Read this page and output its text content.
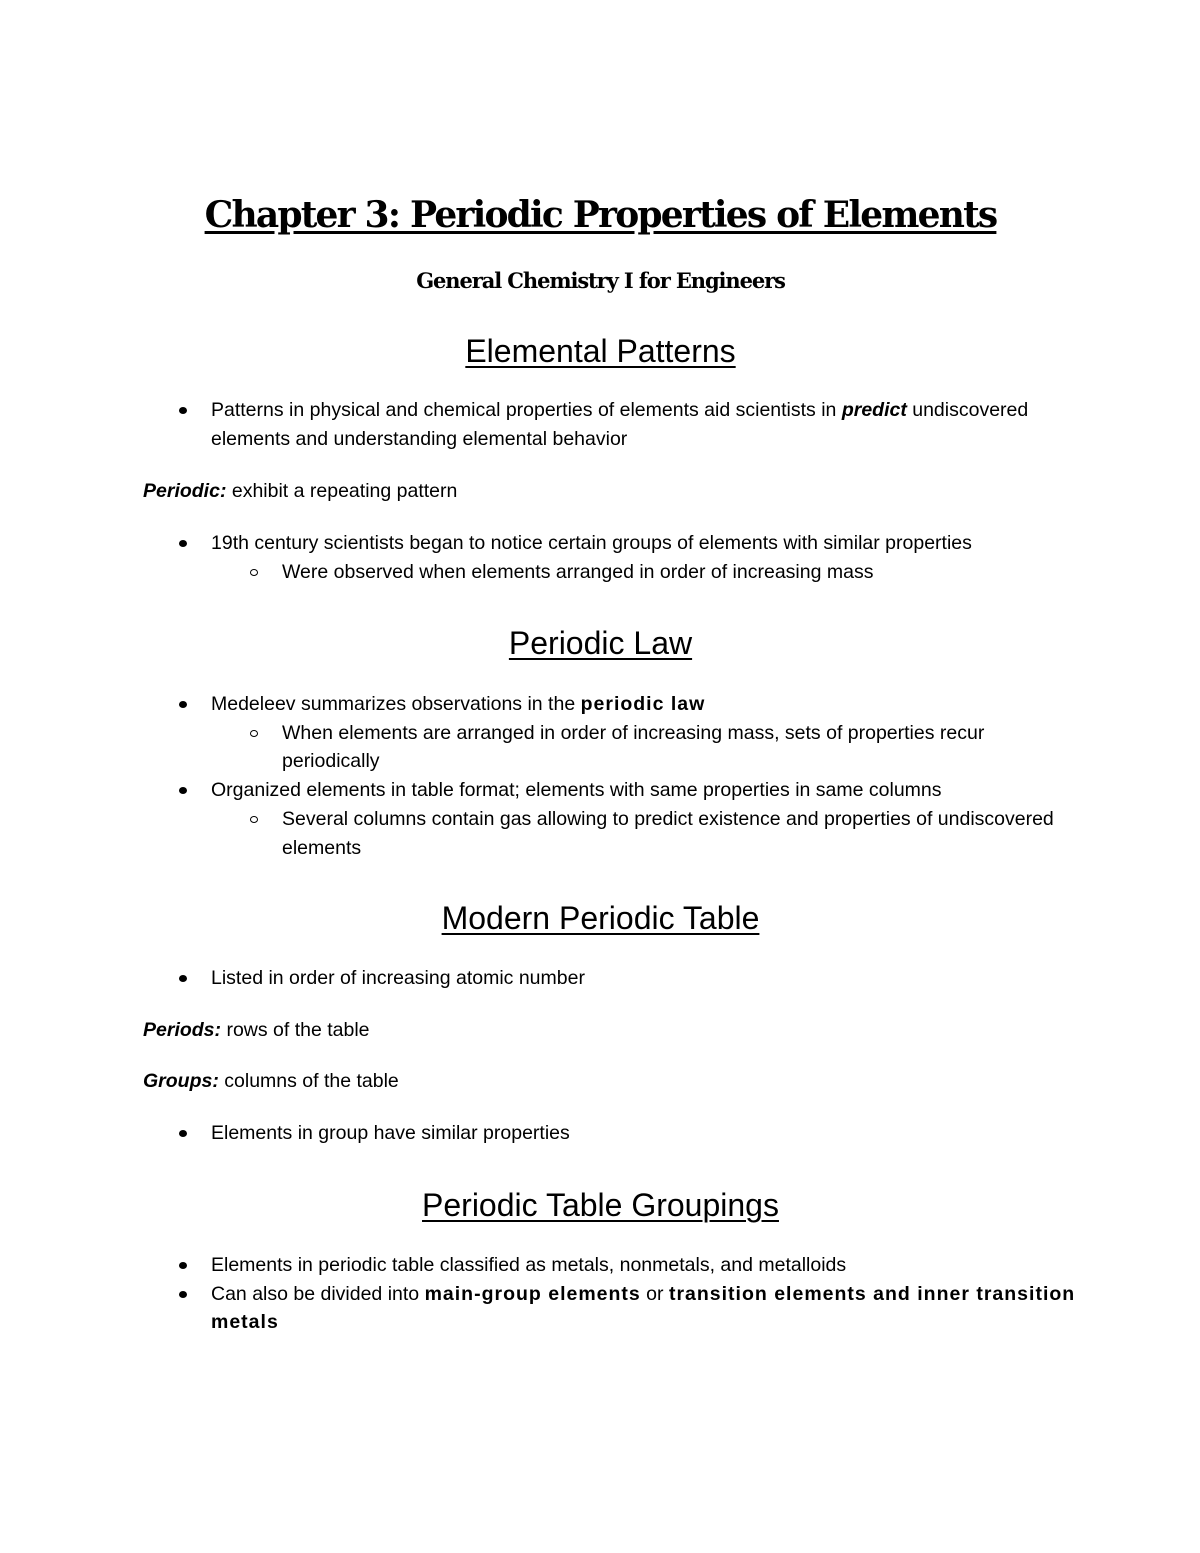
Chapter 3: Periodic Properties of Elements
General Chemistry I for Engineers
Elemental Patterns
Patterns in physical and chemical properties of elements aid scientists in predict undiscovered elements and understanding elemental behavior

Periodic: exhibit a repeating pattern

19th century scientists began to notice certain groups of elements with similar properties
Were observed when elements arranged in order of increasing mass
Periodic Law
Medeleev summarizes observations in the periodic law
When elements are arranged in order of increasing mass, sets of properties recur periodically
Organized elements in table format; elements with same properties in same columns
Several columns contain gas allowing to predict existence and properties of undiscovered elements
Modern Periodic Table
Listed in order of increasing atomic number

Periods: rows of the table

Groups: columns of the table

Elements in group have similar properties
Periodic Table Groupings
Elements in periodic table classified as metals, nonmetals, and metalloids
Can also be divided into main-group elements or transition elements and inner transition metals
